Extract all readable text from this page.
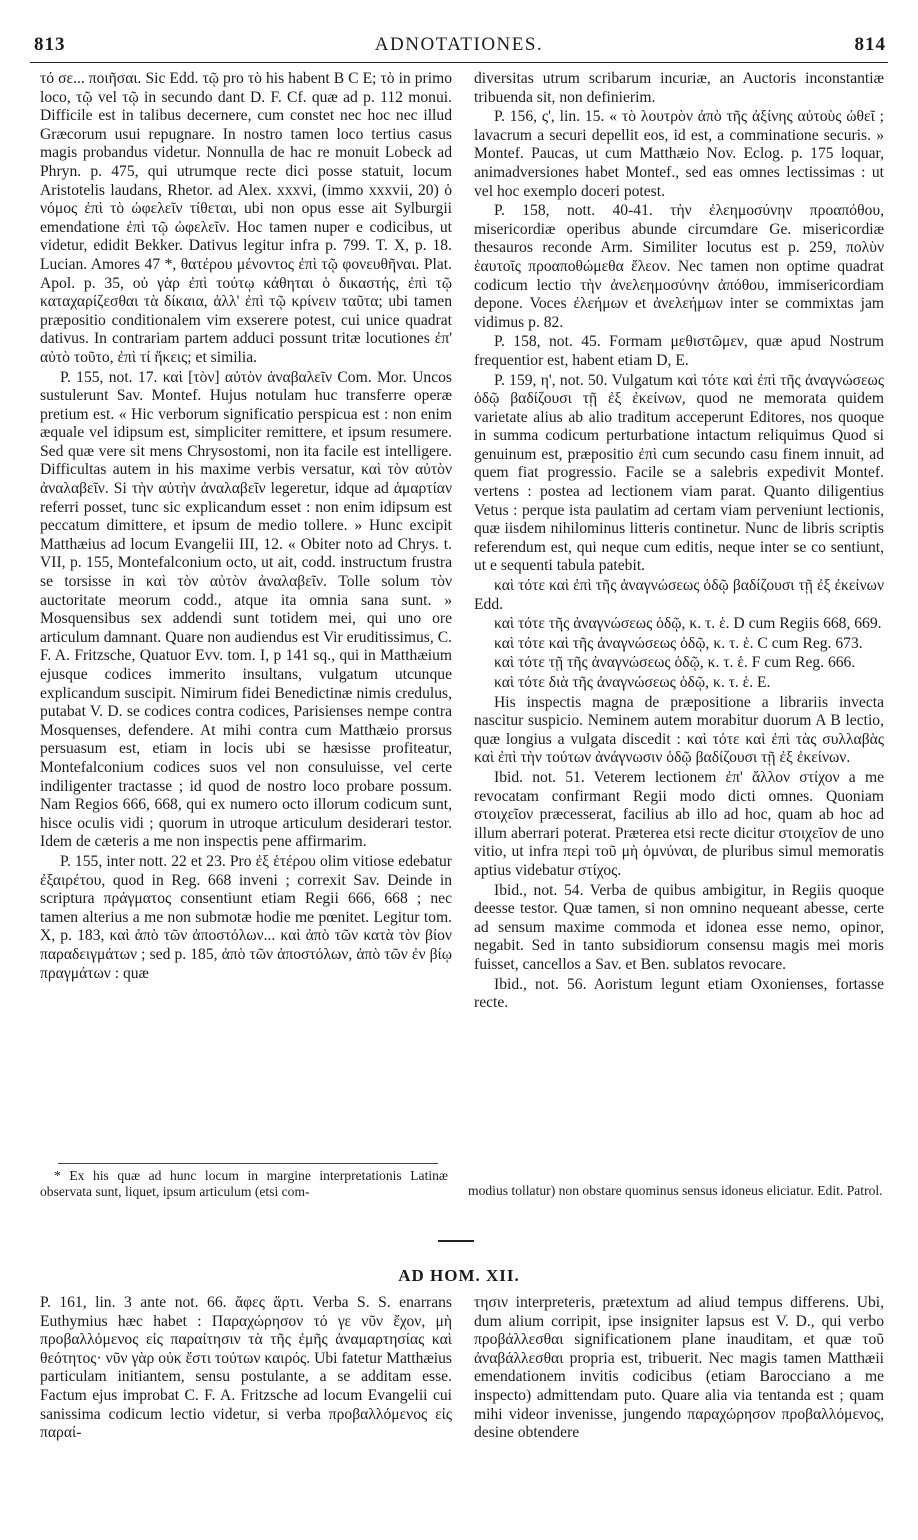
813	ADNOTATIONES.	814

τό σε... ποιῆσαι. Sic Edd. τῷ pro τὸ his habent B C E; τὸ in primo loco, τῷ vel τῷ in secundo dant D. F. Cf. quæ ad p. 112 monui. Difficile est in talibus decernere, cum constet nec hoc nec illud Græcorum usui repugnare. In nostro tamen loco tertius casus magis probandus videtur. Nonnulla de hac re monuit Lobeck ad Phryn. p. 475, qui utrumque recte dici posse statuit, locum Aristotelis laudans, Rhetor. ad Alex. xxxvi, (immo xxxvii, 20) ὁ νόμος ἐπὶ τὸ ὠφελεῖν τίθεται, ubi non opus esse ait Sylburgii emendatione ἐπὶ τῷ ὠφελεῖν. Hoc tamen nuper e codicibus, ut videtur, edidit Bekker. Dativus legitur infra p. 799. T. X, p. 18. Lucian. Amores 47 *, θατέρου μένοντος ἐπὶ τῷ φονευθῆναι. Plat. Apol. p. 35, οὐ γὰρ ἐπὶ τούτῳ κάθηται ὁ δικαστής, ἐπὶ τῷ καταχαρίζεσθαι τὰ δίκαια, ἀλλ' ἐπὶ τῷ κρίνειν ταῦτα; ubi tamen præpositio conditionalem vim exserere potest, cui unice quadrat dativus. In contrariam partem adduci possunt tritæ locutiones ἐπ' αὐτὸ τοῦτο, ἐπὶ τί ἥκεις; et similia.

P. 155, not. 17. καὶ [τὸν] αὐτὸν ἀναβαλεῖν Com. Mor. Uncos sustulerunt Sav. Montef. Hujus notulam huc transferre operæ pretium est. « Hic verborum significatio perspicua est : non enim æquale vel idipsum est, simpliciter remittere, et ipsum resumere. Sed quæ vere sit mens Chrysostomi, non ita facile est intelligere. Difficultas autem in his maxime verbis versatur, καὶ τὸν αὐτὸν ἀναλαβεῖν. Si τὴν αὐτὴν ἀναλαβεῖν legeretur, idque ad ἁμαρτίαν referri posset, tunc sic explicandum esset : non enim idipsum est peccatum dimittere, et ipsum de medio tollere. » Hunc excipit Matthæius ad locum Evangelii III, 12. « Obiter noto ad Chrys. t. VII, p. 155, Montefalconium octo, ut ait, codd. instructum frustra se torsisse in καὶ τὸν αὐτὸν ἀναλαβεῖν. Tolle solum τὸν auctoritate meorum codd., atque ita omnia sana sunt. » Mosquensibus sex addendi sunt totidem mei, qui uno ore articulum damnant. Quare non audiendus est Vir eruditissimus, C. F. A. Fritzsche, Quatuor Evv. tom. I, p 141 sq., qui in Matthæium ejusque codices immerito insultans, vulgatum utcunque explicandum suscipit. Nimirum fidei Benedictinæ nimis credulus, putabat V. D. se codices contra codices, Parisienses nempe contra Mosquenses, defendere. At mihi contra cum Matthæio prorsus persuasum est, etiam in locis ubi se hæsisse profiteatur, Montefalconium codices suos vel non consuluisse, vel certe indiligenter tractasse ; id quod de nostro loco probare possum. Nam Regios 666, 668, qui ex numero octo illorum codicum sunt, hisce oculis vidi ; quorum in utroque articulum desiderari testor. Idem de cæteris a me non inspectis pene affirmarim.

P. 155, inter nott. 22 et 23. Pro ἐξ ἑτέρου olim vitiose edebatur ἐξαιρέτου, quod in Reg. 668 inveni ; correxit Sav. Deinde in scriptura πράγματος consentiunt etiam Regii 666, 668 ; nec tamen alterius a me non submotæ hodie me pœnitet. Legitur tom. X, p. 183, καὶ ἀπὸ τῶν ἀποστόλων... καὶ ἀπὸ τῶν κατὰ τὸν βίον παραδειγμάτων ; sed p. 185, ἀπὸ τῶν ἀποστόλων, ἀπὸ τῶν ἐν βίῳ πραγμάτων : quæ

diversitas utrum scribarum incuriæ, an Auctoris inconstantiæ tribuenda sit, non definierim.

P. 156, ς', lin. 15. « τὸ λουτρὸν ἀπὸ τῆς ἀξίνης αὐτοὺς ὠθεῖ ; lavacrum a securi depellit eos, id est, a comminatione securis. » Montef. Paucas, ut cum Matthæio Nov. Eclog. p. 175 loquar, animadversiones habet Montef., sed eas omnes lectissimas : ut vel hoc exemplo doceri potest.

P. 158, nott. 40-41. τὴν ἐλεημοσύνην προαπόθου, misericordiæ operibus abunde circumdare Ge. misericordiæ thesauros reconde Arm. Similiter locutus est p. 259, πολὺν ἑαυτοῖς προαποθώμεθα ἔλεον. Nec tamen non optime quadrat codicum lectio τὴν ἀνελεημοσύνην ἀπόθου, immisericordiam depone. Voces ἐλεήμων et ἀνελεήμων inter se commixtas jam vidimus p. 82.

P. 158, not. 45. Formam μεθιστῶμεν, quæ apud Nostrum frequentior est, habent etiam D, E.

P. 159, η', not. 50. Vulgatum καὶ τότε καὶ ἐπὶ τῆς ἀναγνώσεως ὁδῷ βαδίζουσι τῇ ἐξ ἐκείνων, quod ne memorata quidem varietate alius ab alio traditum acceperunt Editores, nos quoque in summa codicum perturbatione intactum reliquimus Quod si genuinum est, præpositio ἐπὶ cum secundo casu finem innuit, ad quem fiat progressio. Facile se a salebris expedivit Montef. vertens : postea ad lectionem viam parat. Quanto diligentius Vetus : perque ista paulatim ad certam viam perveniunt lectionis, quæ iisdem nihilominus litteris continetur. Nunc de libris scriptis referendum est, qui neque cum editis, neque inter se co sentiunt, ut e sequenti tabula patebit.

καὶ τότε καὶ ἐπὶ τῆς ἀναγνώσεως ὁδῷ βαδίζουσι τῇ ἐξ ἐκείνων Edd.

καὶ τότε τῆς ἀναγνώσεως ὁδῷ, κ. τ. ἑ. D cum Regiis 668, 669.

καὶ τότε καὶ τῆς ἀναγνώσεως ὁδῷ, κ. τ. ἑ. C cum Reg. 673.

καὶ τότε τῇ τῆς ἀναγνώσεως ὁδῷ, κ. τ. ἑ. F cum Reg. 666.

καὶ τότε διὰ τῆς ἀναγνώσεως ὁδῷ, κ. τ. ἑ. E.

His inspectis magna de præpositione a librariis invecta nascitur suspicio. Neminem autem morabitur duorum A B lectio, quæ longius a vulgata discedit : καὶ τότε καὶ ἐπὶ τὰς συλλαβὰς καὶ ἐπὶ τὴν τούτων ἀνάγνωσιν ὁδῷ βαδίζουσι τῇ ἐξ ἐκείνων.

Ibid. not. 51. Veterem lectionem ἐπ' ἄλλον στίχον a me revocatam confirmant Regii modo dicti omnes. Quoniam στοιχεῖον præcesserat, facilius ab illo ad hoc, quam ab hoc ad illum aberrari poterat. Præterea etsi recte dicitur στοιχεῖον de uno vitio, ut infra περὶ τοῦ μὴ ὀμνύναι, de pluribus simul memoratis aptius videbatur στίχος.

Ibid., not. 54. Verba de quibus ambigitur, in Regiis quoque deesse testor. Quæ tamen, si non omnino nequeant abesse, certe ad sensum maxime commoda et idonea esse nemo, opinor, negabit. Sed in tanto subsidiorum consensu magis mei moris fuisset, cancellos a Sav. et Ben. sublatos revocare.

Ibid., not. 56. Aoristum legunt etiam Oxonienses, fortasse recte.

* Ex his quæ ad hunc locum in margine interpretationis Latinæ observata sunt, liquet, ipsum articulum (etsi com-	modius tollatur) non obstare quominus sensus idoneus eliciatur. Edit. Patrol.
AD HOM. XII.

P. 161, lin. 3 ante not. 66. ἄφες ἄρτι. Verba S. S. enarrans Euthymius hæc habet : Παραχώρησον τό γε νῦν ἔχον, μὴ προβαλλόμενος εἰς παραίτησιν τὰ τῆς ἐμῆς ἀναμαρτησίας καὶ θεότητος· νῦν γὰρ οὐκ ἔστι τούτων καιρός. Ubi fatetur Matthæius particulam initiantem, sensu postulante, a se additam esse. Factum ejus improbat C. F. A. Fritzsche ad locum Evangelii cui sanissima codicum lectio videtur, si verba προβαλλόμενος εἰς παραί-

τησιν interpreteris, prætextum ad aliud tempus differens. Ubi, dum alium corripit, ipse insigniter lapsus est V. D., qui verbo προβάλλεσθαι significationem plane inauditam, et quæ τοῦ ἀναβάλλεσθαι propria est, tribuerit. Nec magis tamen Matthæii emendationem invitis codicibus (etiam Barocciano a me inspecto) admittendam puto. Quare alia via tentanda est ; quam mihi videor invenisse, jungendo παραχώρησον προβαλλόμενος, desine obtendere
